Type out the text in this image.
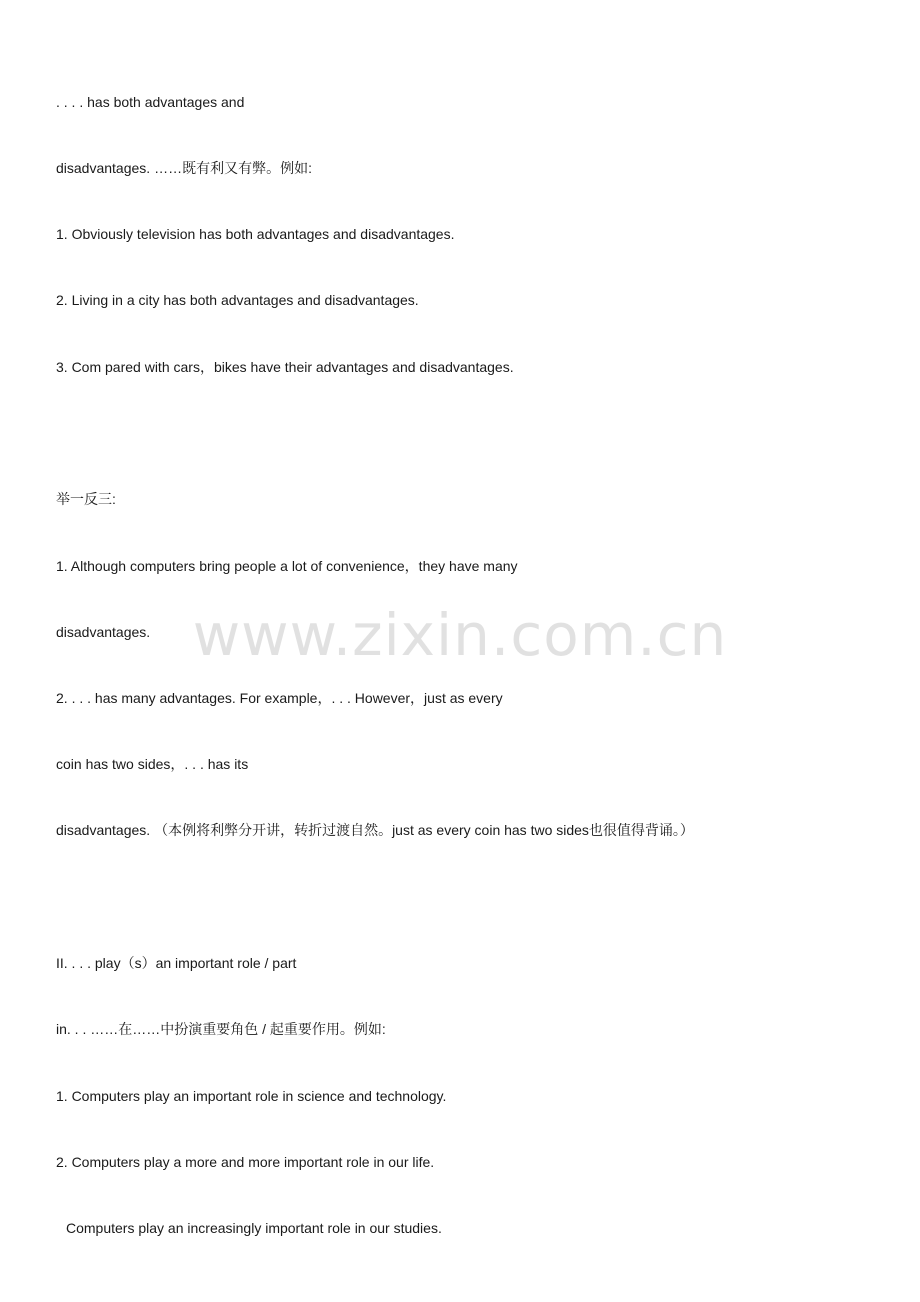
. . . . has both advantages and
disadvantages. ……既有利又有弊。例如:
1. Obviously television has both advantages and disadvantages.
2. Living in a city has both advantages and disadvantages.
3. Com pared with cars，bikes have their advantages and disadvantages.
举一反三:
1. Although computers bring people a lot of convenience，they have many
disadvantages.
2. . . . has many advantages. For example，. . . However，just as every
coin has two sides，. . . has its
disadvantages. （本例将利弊分开讲，转折过渡自然。just as every coin has two sides也很值得背诵。）
II. . . . play（s）an important role / part
in. . . ……在……中扮演重要角色 / 起重要作用。例如:
1. Computers play an important role in science and technology.
2. Computers play a more and more important role in our life.
Computers play an increasingly important role in our studies.
www.zixin.com.cn
